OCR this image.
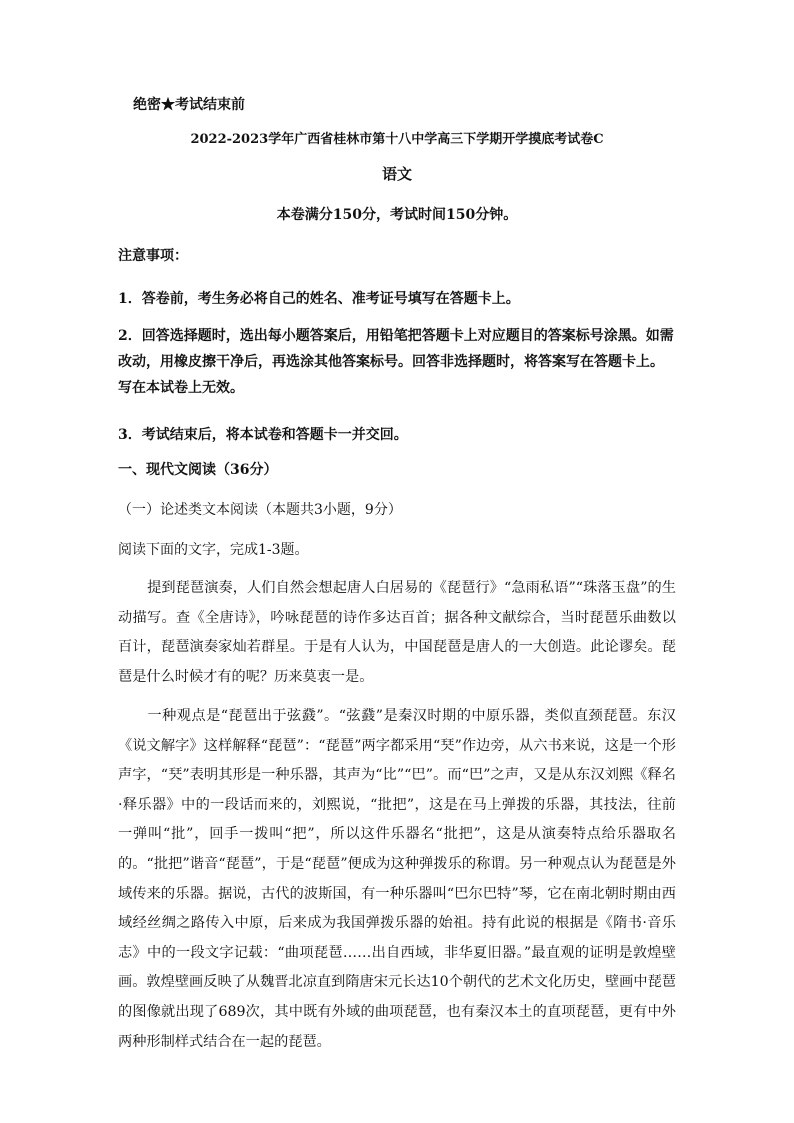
绝密★考试结束前
2022-2023学年广西省桂林市第十八中学高三下学期开学摸底考试卷C
语文
本卷满分150分，考试时间150分钟。
注意事项：
1．答卷前，考生务必将自己的姓名、准考证号填写在答题卡上。
2．回答选择题时，选出每小题答案后，用铅笔把答题卡上对应题目的答案标号涂黑。如需改动，用橡皮擦干净后，再选涂其他答案标号。回答非选择题时，将答案写在答题卡上。写在本试卷上无效。
3．考试结束后，将本试卷和答题卡一并交回。
一、现代文阅读（36分）
（一）论述类文本阅读（本题共3小题，9分）
阅读下面的文字，完成1-3题。
提到琵琶演奏，人们自然会想起唐人白居易的《琵琶行》“急雨私语”“珠落玉盘”的生动描写。查《全唐诗》，吟咏琵琶的诗作多达百首；据各种文献综合，当时琵琶乐曲数以百计，琵琶演奏家灿若群星。于是有人认为，中国琵琶是唐人的一大创造。此论谬矣。琵琶是什么时候才有的呢？历来莫衷一是。
一种观点是“琵琶出于弦鼗”。“弦鼗”是秦汉时期的中原乐器，类似直颈琵琶。东汉《说文解字》这样解释“琵琶”：“琵琶”两字都采用“珡”作边旁，从六书来说，这是一个形声字，“珡”表明其形是一种乐器，其声为“比”“巴”。而“巴”之声，又是从东汉刘熙《释名·释乐器》中的一段话而来的，刘熙说，“批把”，这是在马上弹拨的乐器，其技法，往前一弹叫“批”，回手一拨叫“把”，所以这件乐器名“批把”，这是从演奏特点给乐器取名的。“批把”谐音“琵琶”，于是“琵琶”便成为这种弹拨乐的称谓。另一种观点认为琵琶是外域传来的乐器。据说，古代的波斯国，有一种乐器叫“巴尔巴特”琴，它在南北朝时期由西域经丝绸之路传入中原，后来成为我国弹拨乐器的始祖。持有此说的根据是《隋书·音乐志》中的一段文字记载：“曲项琵琶……出自西域，非华夏旧器。”最直观的证明是敦煌壁画。敦煌壁画反映了从魏晋北凉直到隋唐宋元长达10个朝代的艺术文化历史，壁画中琵琶的图像就出现了689次，其中既有外域的曲项琵琶，也有秦汉本土的直项琵琶，更有中外两种形制样式结合在一起的琵琶。
